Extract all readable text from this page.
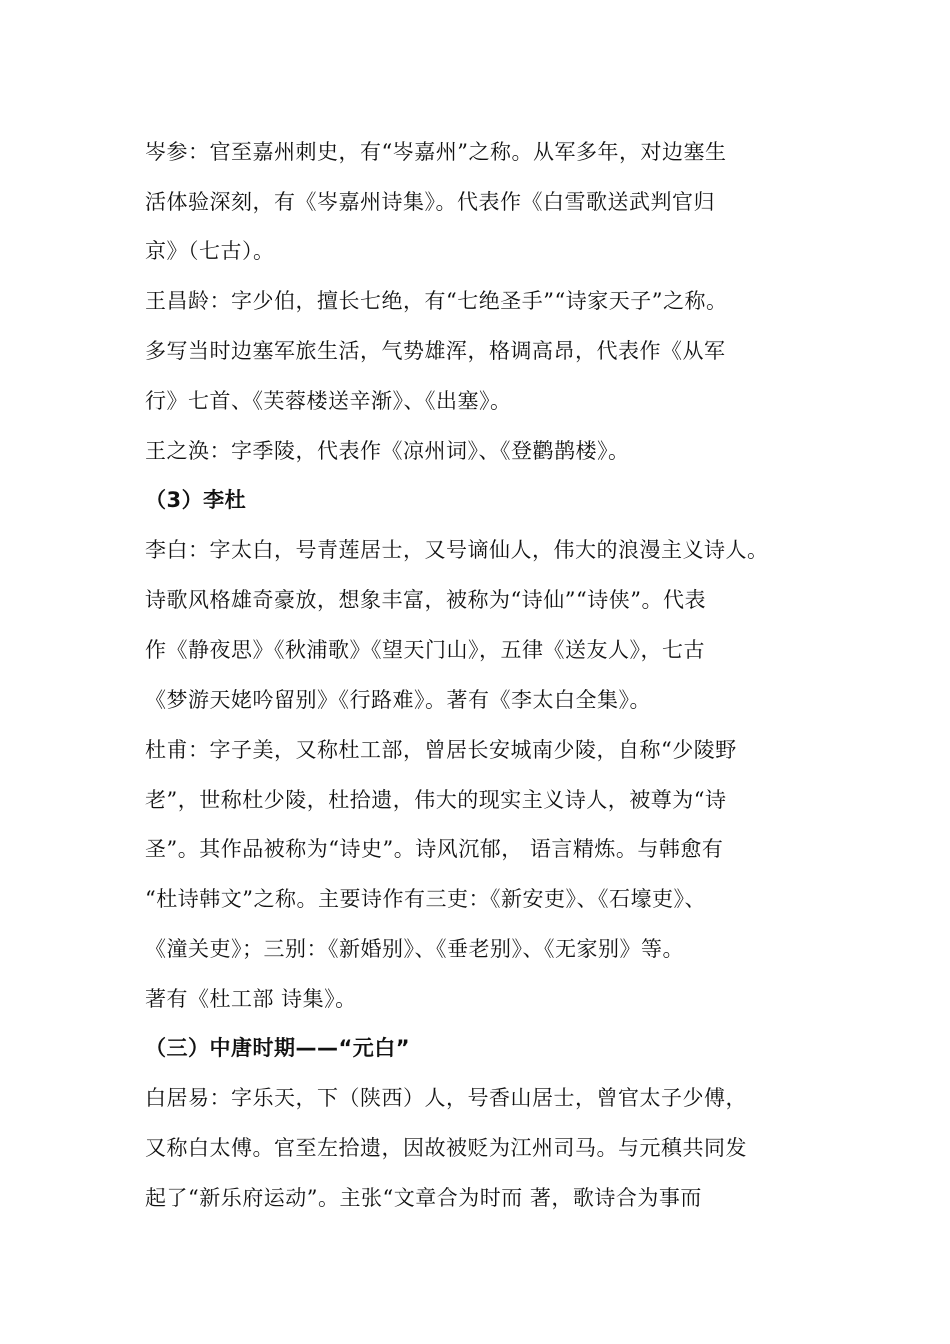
岑参：官至嘉州刺史，有“岑嘉州”之称。从军多年，对边塞生
活体验深刻，有《岑嘉州诗集》。代表作《白雪歌送武判官归
京》（七古）。
王昌龄：字少伯，擅长七绝，有“七绝圣手”“诗家天子”之称。
多写当时边塞军旅生活，气势雄浑，格调高昂，代表作《从军
行》七首、《芙蓉楼送辛渐》、《出塞》。
王之涣：字季陵，代表作《凉州词》、《登鹳鹊楼》。
（3）李杜
李白：字太白，号青莲居士，又号谪仙人，伟大的浪漫主义诗人。
诗歌风格雄奇豪放，想象丰富，被称为“诗仙”“诗侠”。代表
作《静夜思》《秋浦歌》《望天门山》，五律《送友人》，七古
《梦游天姥吟留别》《行路难》。著有《李太白全集》。
杜甫：字子美，又称杜工部，曾居长安城南少陵，自称“少陵野
老”，世称杜少陵，杜拾遗，伟大的现实主义诗人，被尊为“诗
圣”。其作品被称为“诗史”。诗风沉郁， 语言精炼。与韩愈有
“杜诗韩文”之称。主要诗作有三吏：《新安吏》、《石壕吏》、
《潼关吏》；三别：《新婚别》、《垂老别》、《无家别》等。
著有《杜工部 诗集》。
（三）中唐时期——“元白”
白居易：字乐天，下（陕西）人，号香山居士，曾官太子少傅，
又称白太傅。官至左拾遗，因故被贬为江州司马。与元稹共同发
起了“新乐府运动”。主张“文章合为时而 著，歌诗合为事而
